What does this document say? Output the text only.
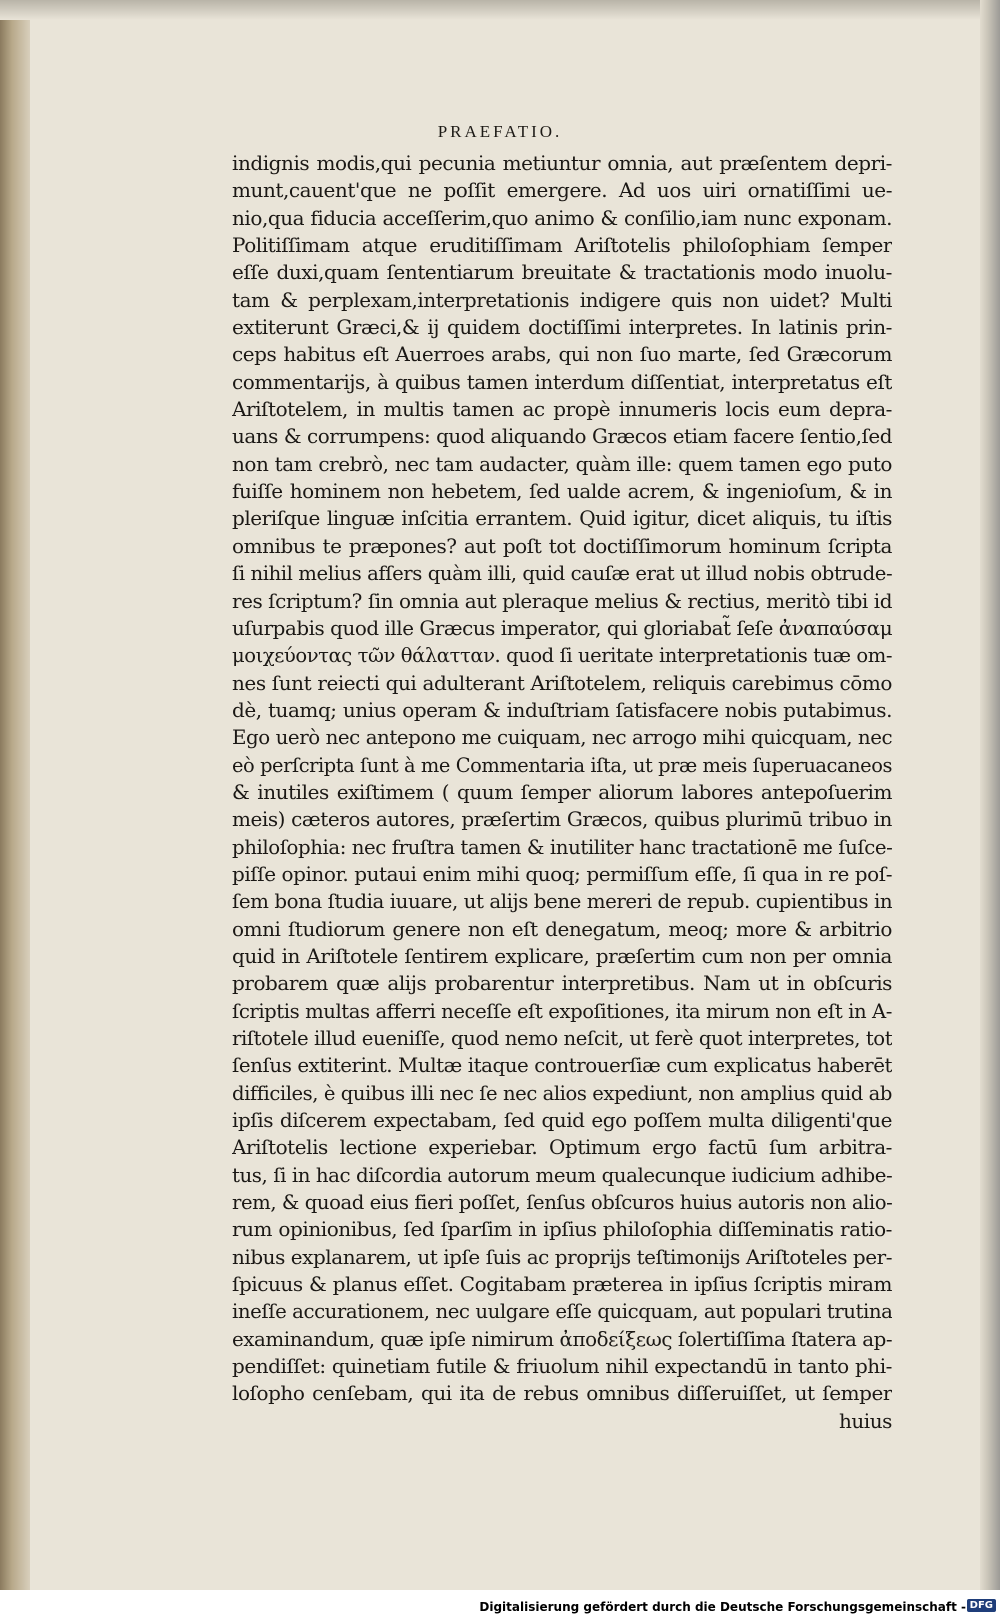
PRAEFATIO.
indignis modis,qui pecunia metiuntur omnia, aut præſentem depri-
munt,cauent'que ne poſſit emergere. Ad uos uiri ornatiſſimi ue-
nio,qua fiducia acceſſerim,quo animo & conſilio,iam nunc exponam.
Politiſſimam atque eruditiſſimam Ariſtotelis philoſophiam ſemper
eſſe duxi,quam ſententiarum breuitate & tractationis modo inuolu-
tam & perplexam,interpretationis indigere quis non uidet? Multi
extiterunt Græci,& ij quidem doctiſſimi interpretes. In latinis prin-
ceps habitus eſt Auerroes arabs, qui non ſuo marte, ſed Græcorum
commentarijs, à quibus tamen interdum diſſentiat, interpretatus eſt
Ariſtotelem, in multis tamen ac propè innumeris locis eum depra-
uans & corrumpens: quod aliquando Græcos etiam facere ſentio,ſed
non tam crebrò, nec tam audacter, quàm ille: quem tamen ego puto
fuiſſe hominem non hebetem, ſed ualde acrem, & ingenioſum, & in
pleriſque linguæ inſcitia errantem. Quid igitur, dicet aliquis, tu iſtis
omnibus te præpones? aut poſt tot doctiſſimorum hominum ſcripta
ſi nihil melius afſers quàm illi, quid cauſæ erat ut illud nobis obtrude-
res ſcriptum? ſin omnia aut pleraque melius & rectius, meritò tibi id
uſurpabis quod ille Græcus imperator, qui gloriabat̃ ſeſe ἀναπαύσαμ
μοιχεύοντας τῶν θάλατταν. quod ſi ueritate interpretationis tuæ om-
nes ſunt reiecti qui adulterant Ariſtotelem, reliquis carebimus cōmo
dè, tuamq; unius operam & induſtriam ſatisfacere nobis putabimus.
Ego uerò nec antepono me cuiquam, nec arrogo mihi quicquam, nec
eò perſcripta ſunt à me Commentaria iſta, ut præ meis ſuperuacaneos
& inutiles exiſtimem ( quum ſemper aliorum labores antepoſuerim
meis) cæteros autores, præſertim Græcos, quibus plurimū tribuo in
philoſophia: nec fruſtra tamen & inutiliter hanc tractationē me ſuſce-
piſſe opinor. putaui enim mihi quoq; permiſſum eſſe, ſi qua in re poſ-
ſem bona ſtudia iuuare, ut alijs bene mereri de repub. cupientibus in
omni ſtudiorum genere non eſt denegatum, meoq; more & arbitrio
quid in Ariſtotele ſentirem explicare, præſertim cum non per omnia
probarem quæ alijs probarentur interpretibus. Nam ut in obſcuris
ſcriptis multas afferri neceſſe eſt expoſitiones, ita mirum non eſt in A-
riſtotele illud eueniſſe, quod nemo neſcit, ut ferè quot interpretes, tot
ſenſus extiterint. Multæ itaque controuerſiæ cum explicatus haberēt
difficiles, è quibus illi nec ſe nec alios expediunt, non amplius quid ab
ipſis diſcerem expectabam, ſed quid ego poſſem multa diligenti'que
Ariſtotelis lectione experiebar. Optimum ergo factū ſum arbitra-
tus, ſi in hac diſcordia autorum meum qualecunque iudicium adhibe-
rem, & quoad eius fieri poſſet, ſenſus obſcuros huius autoris non alio-
rum opinionibus, ſed ſparſim in ipſius philoſophia diſſeminatis ratio-
nibus explanarem, ut ipſe ſuis ac proprijs teſtimonijs Ariſtoteles per-
ſpicuus & planus eſſet. Cogitabam præterea in ipſius ſcriptis miram
ineſſe accurationem, nec uulgare eſſe quicquam, aut populari trutina
examinandum, quæ ipſe nimirum ἀποδείξεως ſolertiſſima ſtatera ap-
pendiſſet: quinetiam futile & friuolum nihil expectandū in tanto phi-
loſopho cenſebam, qui ita de rebus omnibus diſſeruiſſet, ut ſemper
huius
Digitalisierung gefördert durch die Deutsche Forschungsgemeinschaft - DFG
